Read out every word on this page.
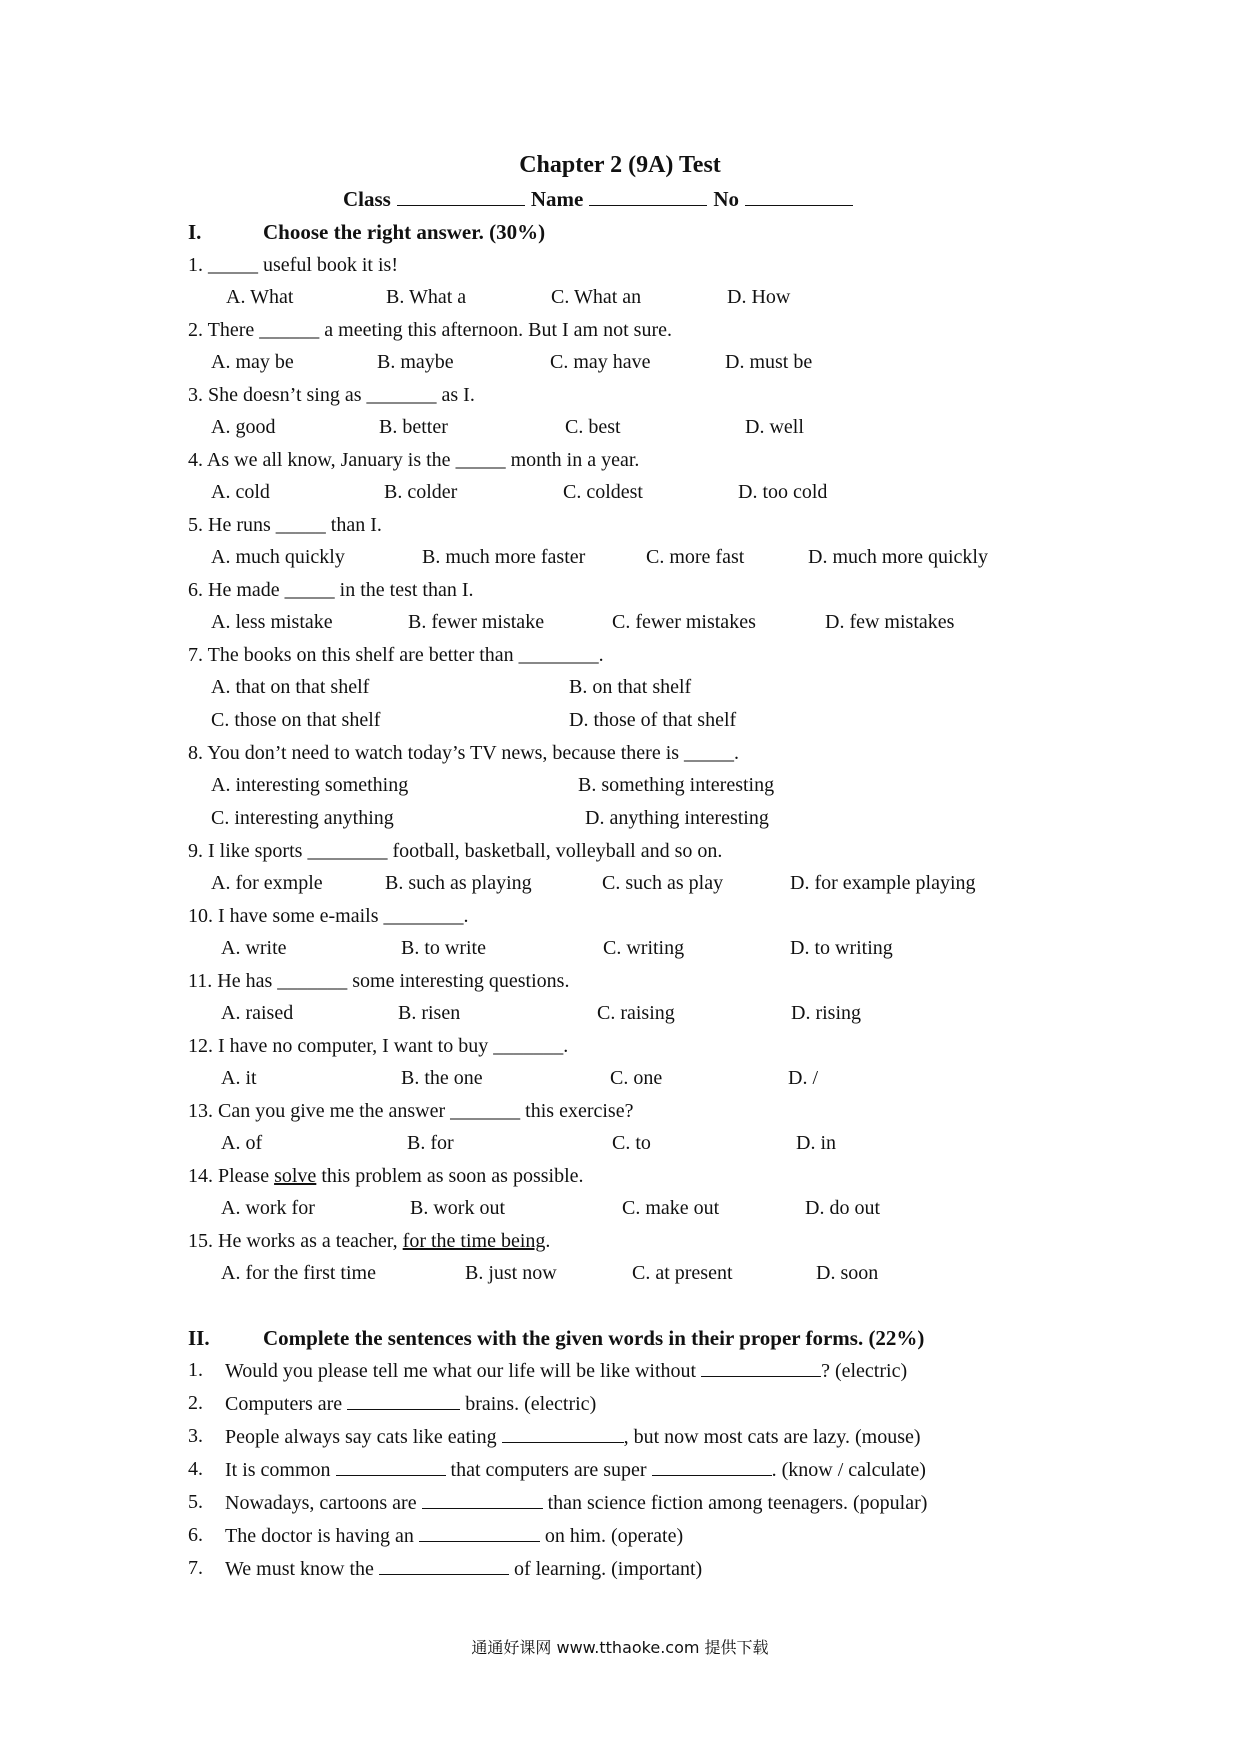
Chapter 2 (9A) Test
Class	Name	No
I.	Choose the right answer. (30%)
1. _____ useful book it is!
A. What	B. What a	C. What an	D. How
2. There ______ a meeting this afternoon. But I am not sure.
A. may be	B. maybe	C. may have	D. must be
3. She doesn’t sing as _______ as I.
A. good	B. better	C. best	D. well
4. As we all know, January is the _____ month in a year.
A. cold	B. colder	C. coldest	D. too cold
5. He runs _____ than I.
A. much quickly	B. much more faster	C. more fast	D. much more quickly
6. He made _____ in the test than I.
A. less mistake	B. fewer mistake	C. fewer mistakes	D. few mistakes
7. The books on this shelf are better than ________.
A. that on that shelf	B. on that shelf
C. those on that shelf	D. those of that shelf
8. You don’t need to watch today’s TV news, because there is _____.
A. interesting something	B. something interesting
C. interesting anything	D. anything interesting
9. I like sports ________ football, basketball, volleyball and so on.
A. for exmple	B. such as playing	C. such as play	D. for example playing
10. I have some e-mails ________.
A. write	B. to write	C. writing	D. to writing
11. He has _______ some interesting questions.
A. raised	B. risen	C. raising	D. rising
12. I have no computer, I want to buy _______.
A. it	B. the one	C. one	D. /
13. Can you give me the answer _______ this exercise?
A. of	B. for	C. to	D. in
14. Please solve this problem as soon as possible.
A. work for	B. work out	C. make out	D. do out
15. He works as a teacher, for the time being.
A. for the first time	B. just now	C. at present	D. soon
II.	Complete the sentences with the given words in their proper forms. (22%)
1. Would you please tell me what our life will be like without	? (electric)
2. Computers are	brains. (electric)
3. People always say cats like eating	, but now most cats are lazy. (mouse)
4. It is common	that computers are super	. (know / calculate)
5. Nowadays, cartoons are	than science fiction among teenagers. (popular)
6. The doctor is having an	on him. (operate)
7. We must know the	of learning. (important)
通通好课网 www.tthaoke.com 提供下载
